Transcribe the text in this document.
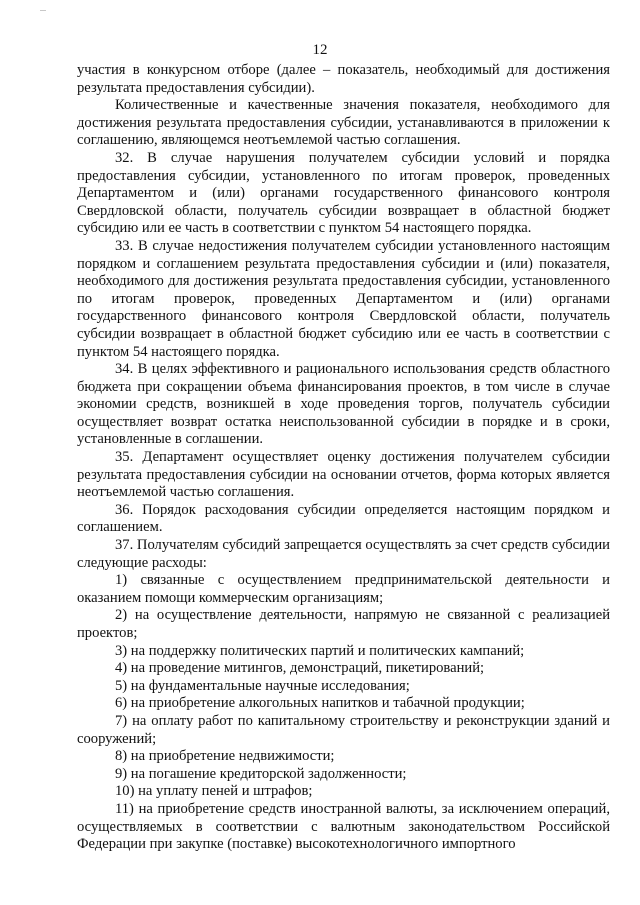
12

участия в конкурсном отборе (далее – показатель, необходимый для достижения результата предоставления субсидии).

Количественные и качественные значения показателя, необходимого для достижения результата предоставления субсидии, устанавливаются в приложении к соглашению, являющемся неотъемлемой частью соглашения.

32. В случае нарушения получателем субсидии условий и порядка предоставления субсидии, установленного по итогам проверок, проведенных Департаментом и (или) органами государственного финансового контроля Свердловской области, получатель субсидии возвращает в областной бюджет субсидию или ее часть в соответствии с пунктом 54 настоящего порядка.

33. В случае недостижения получателем субсидии установленного настоящим порядком и соглашением результата предоставления субсидии и (или) показателя, необходимого для достижения результата предоставления субсидии, установленного по итогам проверок, проведенных Департаментом и (или) органами государственного финансового контроля Свердловской области, получатель субсидии возвращает в областной бюджет субсидию или ее часть в соответствии с пунктом 54 настоящего порядка.

34. В целях эффективного и рационального использования средств областного бюджета при сокращении объема финансирования проектов, в том числе в случае экономии средств, возникшей в ходе проведения торгов, получатель субсидии осуществляет возврат остатка неиспользованной субсидии в порядке и в сроки, установленные в соглашении.

35. Департамент осуществляет оценку достижения получателем субсидии результата предоставления субсидии на основании отчетов, форма которых является неотъемлемой частью соглашения.

36. Порядок расходования субсидии определяется настоящим порядком и соглашением.

37. Получателям субсидий запрещается осуществлять за счет средств субсидии следующие расходы:

1) связанные с осуществлением предпринимательской деятельности и оказанием помощи коммерческим организациям;

2) на осуществление деятельности, напрямую не связанной с реализацией проектов;

3) на поддержку политических партий и политических кампаний;

4) на проведение митингов, демонстраций, пикетирований;

5) на фундаментальные научные исследования;

6) на приобретение алкогольных напитков и табачной продукции;

7) на оплату работ по капитальному строительству и реконструкции зданий и сооружений;

8) на приобретение недвижимости;

9) на погашение кредиторской задолженности;

10) на уплату пеней и штрафов;

11) на приобретение средств иностранной валюты, за исключением операций, осуществляемых в соответствии с валютным законодательством Российской Федерации при закупке (поставке) высокотехнологичного импортного
